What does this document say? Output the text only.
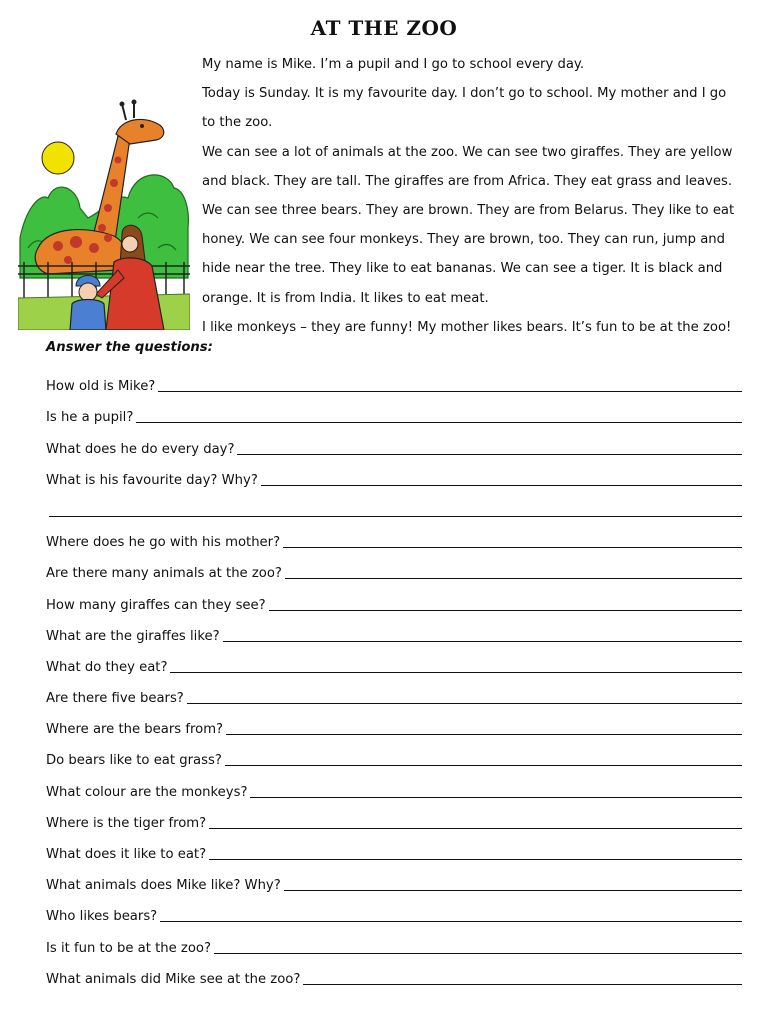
AT THE ZOO

My name is Mike. I’m a pupil and I go to school every day.

Today is Sunday. It is my favourite day. I don’t go to school. My mother and I go

to the zoo.

We can see a lot of animals at the zoo. We can see two giraffes. They are yellow

and black. They are tall. The giraffes are from Africa. They eat grass and leaves.

We can see three bears. They are brown. They are from Belarus. They like to eat

honey. We can see four monkeys. They are brown, too. They can run, jump and

hide near the tree. They like to eat bananas. We can see a tiger. It is black and

orange. It is from India. It likes to eat meat.

I like monkeys – they are funny! My mother likes bears. It’s fun to be at the zoo!

Answer the questions:
How old is Mike?
Is he a pupil?
What does he do every day?
What is his favourite day? Why?
Where does he go with his mother?
Are there many animals at the zoo?
How many giraffes can they see?
What are the giraffes like?
What do they eat?
Are there five bears?
Where are the bears from?
Do bears like to eat grass?
What colour are the monkeys?
Where is the tiger from?
What does it like to eat?
What animals does Mike like? Why?
Who likes bears?
Is it fun to be at the zoo?
What animals did Mike see at the zoo?
